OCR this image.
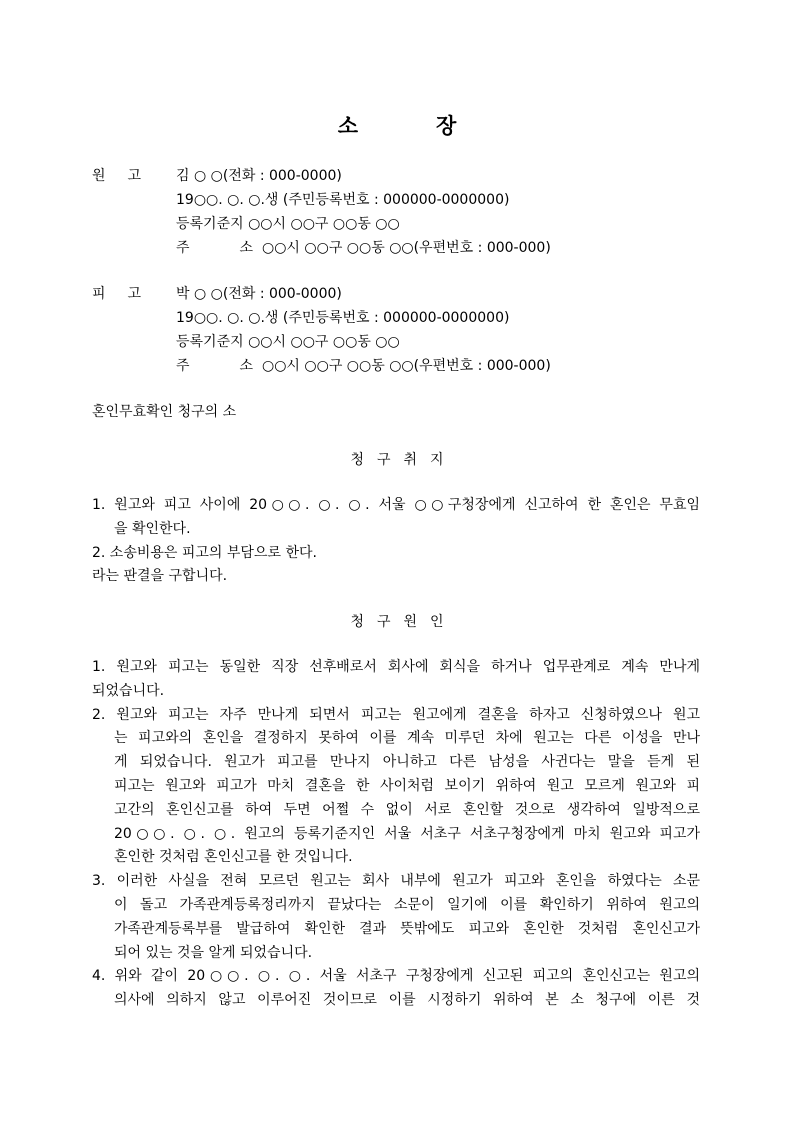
소	장
원 고	김 ○ ○(전화 : 000-0000)
19○○. ○. ○.생 (주민등록번호 : 000000-0000000)
등록기준지 ○○시 ○○구 ○○동 ○○
주	소 ○○시 ○○구 ○○동 ○○(우편번호 : 000-000)
피 고	박 ○ ○(전화 : 000-0000)
19○○. ○. ○.생 (주민등록번호 : 000000-0000000)
등록기준지 ○○시 ○○구 ○○동 ○○
주	소 ○○시 ○○구 ○○동 ○○(우편번호 : 000-000)
혼인무효확인 청구의 소
청구취지
1. 원고와 피고 사이에 20○○. ○. ○. 서울 ○○구청장에게 신고하여 한 혼인은 무효임
을 확인한다.
2. 소송비용은 피고의 부담으로 한다.
라는 판결을 구합니다.
청구원인
1. 원고와 피고는 동일한 직장 선후배로서 회사에 회식을 하거나 업무관계로 계속 만나게
되었습니다.
2. 원고와 피고는 자주 만나게 되면서 피고는 원고에게 결혼을 하자고 신청하였으나 원고
는 피고와의 혼인을 결정하지 못하여 이를 계속 미루던 차에 원고는 다른 이성을 만나
게 되었습니다. 원고가 피고를 만나지 아니하고 다른 남성을 사귄다는 말을 듣게 된
피고는 원고와 피고가 마치 결혼을 한 사이처럼 보이기 위하여 원고 모르게 원고와 피
고간의 혼인신고를 하여 두면 어쩔 수 없이 서로 혼인할 것으로 생각하여 일방적으로
20○○. ○. ○. 원고의 등록기준지인 서울 서초구 서초구청장에게 마치 원고와 피고가
혼인한 것처럼 혼인신고를 한 것입니다.
3. 이러한 사실을 전혀 모르던 원고는 회사 내부에 원고가 피고와 혼인을 하였다는 소문
이 돌고 가족관계등록정리까지 끝났다는 소문이 일기에 이를 확인하기 위하여 원고의
가족관계등록부를 발급하여 확인한 결과 뜻밖에도 피고와 혼인한 것처럼 혼인신고가
되어 있는 것을 알게 되었습니다.
4. 위와 같이 20○○. ○. ○. 서울 서초구 구청장에게 신고된 피고의 혼인신고는 원고의
의사에 의하지 않고 이루어진 것이므로 이를 시정하기 위하여 본 소 청구에 이른 것
